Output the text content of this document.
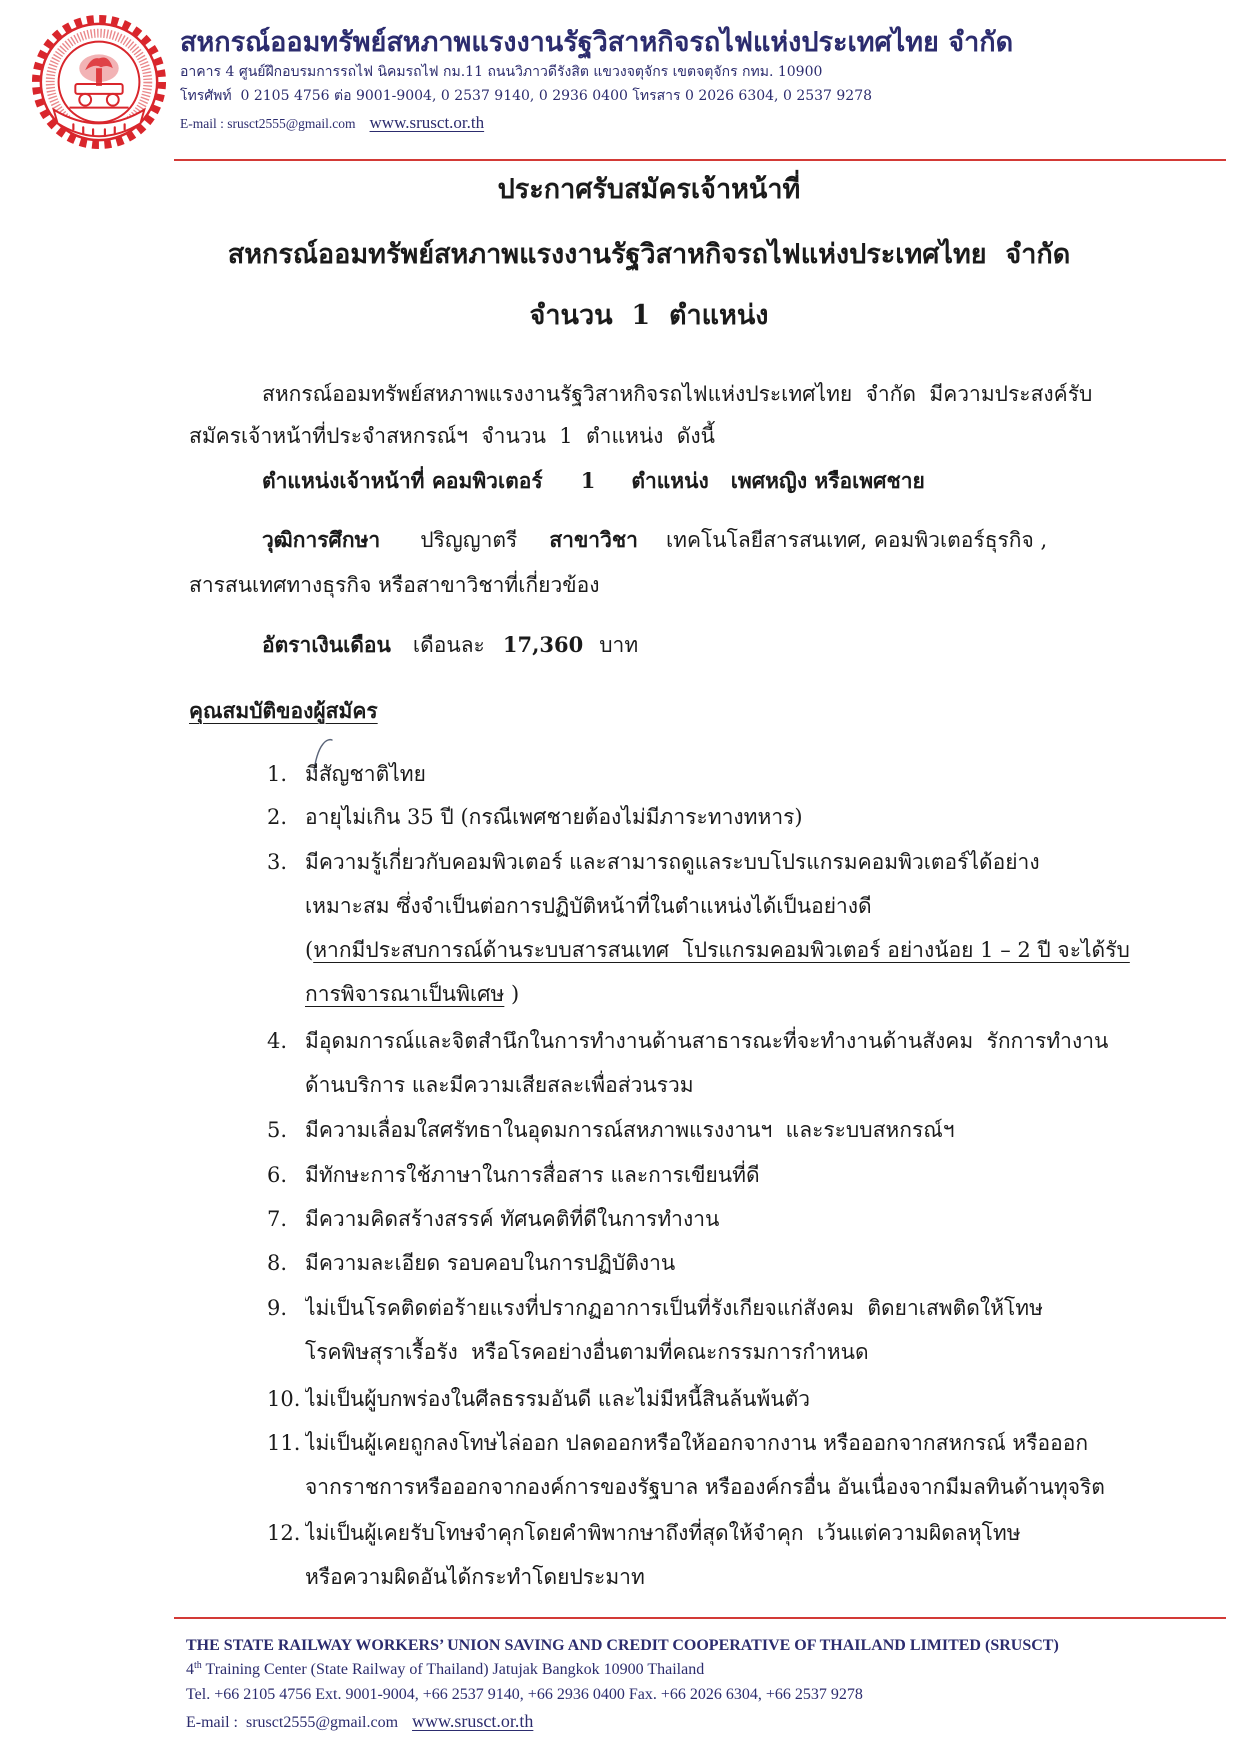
สหกรณ์ออมทรัพย์สหภาพแรงงานรัฐวิสาหกิจรถไฟแห่งประเทศไทย จำกัด
อาคาร 4 ศูนย์ฝึกอบรมการรถไฟ นิคมรถไฟ กม.11 ถนนวิภาวดีรังสิต แขวงจตุจักร เขตจตุจักร กทม. 10900
โทรศัพท์  0 2105 4756 ต่อ 9001-9004, 0 2537 9140, 0 2936 0400 โทรสาร 0 2026 6304, 0 2537 9278
E-mail : srusct2555@gmail.com www.srusct.or.th
ประกาศรับสมัครเจ้าหน้าที่
สหกรณ์ออมทรัพย์สหภาพแรงงานรัฐวิสาหกิจรถไฟแห่งประเทศไทย  จำกัด
จำนวน  1  ตำแหน่ง
สหกรณ์ออมทรัพย์สหภาพแรงงานรัฐวิสาหกิจรถไฟแห่งประเทศไทย  จำกัด  มีความประสงค์รับ
สมัครเจ้าหน้าที่ประจำสหกรณ์ฯ  จำนวน  1  ตำแหน่ง  ดังนี้
ตำแหน่งเจ้าหน้าที่ คอมพิวเตอร์ 1 ตำแหน่ง เพศหญิง หรือเพศชาย
วุฒิการศึกษา ปริญญาตรี สาขาวิชา เทคโนโลยีสารสนเทศ, คอมพิวเตอร์ธุรกิจ ,
สารสนเทศทางธุรกิจ หรือสาขาวิชาที่เกี่ยวข้อง
อัตราเงินเดือน เดือนละ 17,360 บาท
คุณสมบัติของผู้สมัคร
1. มีสัญชาติไทย
2. อายุไม่เกิน 35 ปี (กรณีเพศชายต้องไม่มีภาระทางทหาร)
3. มีความรู้เกี่ยวกับคอมพิวเตอร์ และสามารถดูแลระบบโปรแกรมคอมพิวเตอร์ได้อย่าง
เหมาะสม ซึ่งจำเป็นต่อการปฏิบัติหน้าที่ในตำแหน่งได้เป็นอย่างดี
(หากมีประสบการณ์ด้านระบบสารสนเทศ  โปรแกรมคอมพิวเตอร์ อย่างน้อย 1 – 2 ปี จะได้รับ
การพิจารณาเป็นพิเศษ )
4. มีอุดมการณ์และจิตสำนึกในการทำงานด้านสาธารณะที่จะทำงานด้านสังคม  รักการทำงาน
ด้านบริการ และมีความเสียสละเพื่อส่วนรวม
5. มีความเลื่อมใสศรัทธาในอุดมการณ์สหภาพแรงงานฯ  และระบบสหกรณ์ฯ
6. มีทักษะการใช้ภาษาในการสื่อสาร และการเขียนที่ดี
7. มีความคิดสร้างสรรค์ ทัศนคติที่ดีในการทำงาน
8. มีความละเอียด รอบคอบในการปฏิบัติงาน
9. ไม่เป็นโรคติดต่อร้ายแรงที่ปรากฏอาการเป็นที่รังเกียจแก่สังคม  ติดยาเสพติดให้โทษ
โรคพิษสุราเรื้อรัง  หรือโรคอย่างอื่นตามที่คณะกรรมการกำหนด
10. ไม่เป็นผู้บกพร่องในศีลธรรมอันดี และไม่มีหนี้สินล้นพ้นตัว
11. ไม่เป็นผู้เคยถูกลงโทษไล่ออก ปลดออกหรือให้ออกจากงาน หรือออกจากสหกรณ์ หรือออก
จากราชการหรือออกจากองค์การของรัฐบาล หรือองค์กรอื่น อันเนื่องจากมีมลทินด้านทุจริต
12. ไม่เป็นผู้เคยรับโทษจำคุกโดยคำพิพากษาถึงที่สุดให้จำคุก  เว้นแต่ความผิดลหุโทษ
หรือความผิดอันได้กระทำโดยประมาท
THE STATE RAILWAY WORKERS’ UNION SAVING AND CREDIT COOPERATIVE OF THAILAND LIMITED (SRUSCT)
4th Training Center (State Railway of Thailand) Jatujak Bangkok 10900 Thailand
Tel. +66 2105 4756 Ext. 9001-9004, +66 2537 9140, +66 2936 0400 Fax. +66 2026 6304, +66 2537 9278
E-mail :  srusct2555@gmail.com www.srusct.or.th
